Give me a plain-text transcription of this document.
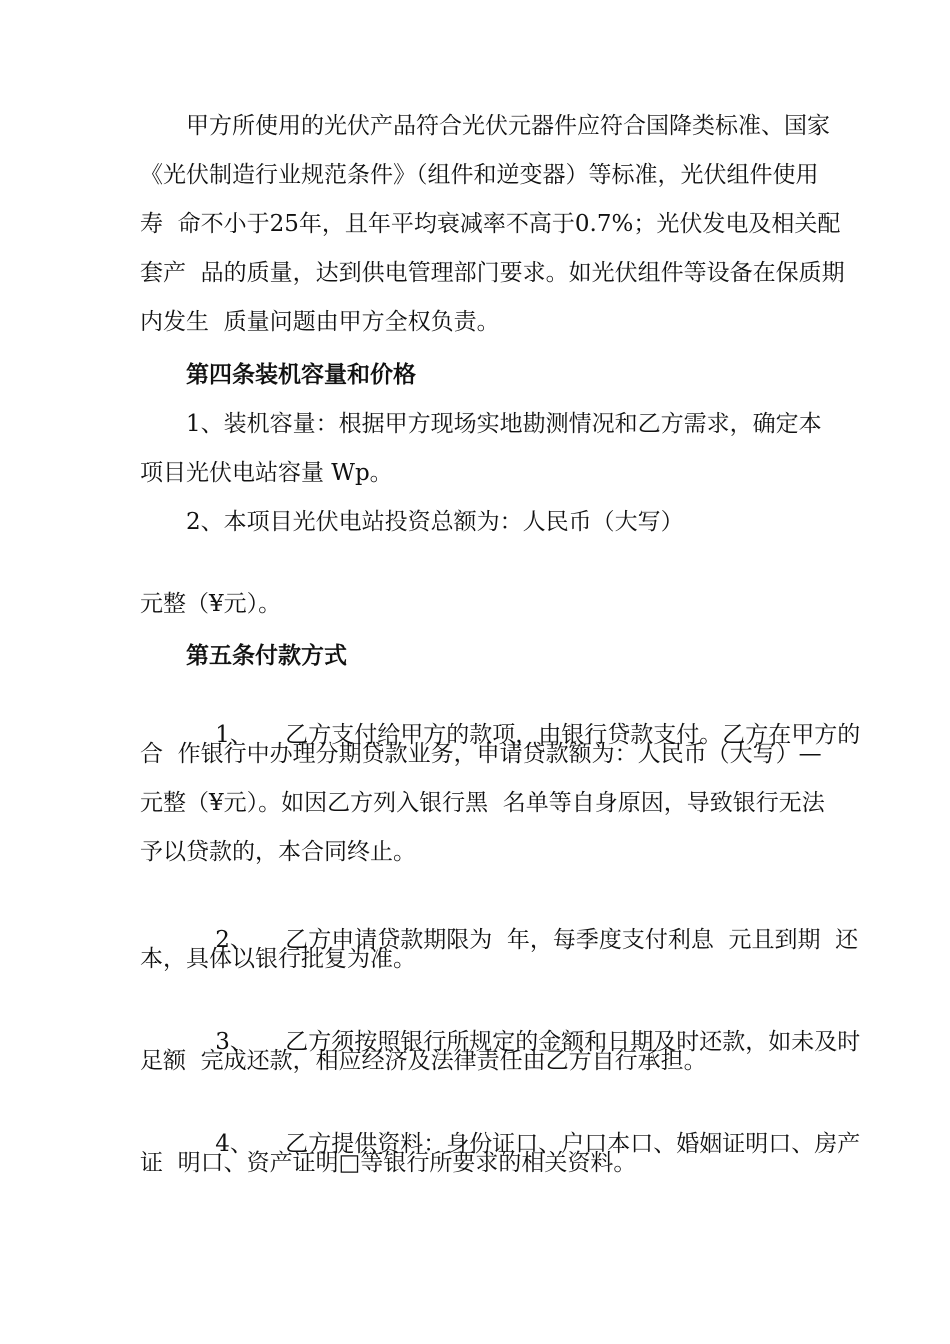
甲方所使用的光伏产品符合光伏元器件应符合国降类标准、国家
《光伏制造行业规范条件》（组件和逆变器）等标准，光伏组件使用
寿  命不小于25年，且年平均衰减率不高于0.7%；光伏发电及相关配
套产  品的质量，达到供电管理部门要求。如光伏组件等设备在保质期
内发生  质量问题由甲方全权负责。
第四条装机容量和价格
1、装机容量：根据甲方现场实地勘测情况和乙方需求，确定本
项目光伏电站容量 Wp。
2、本项目光伏电站投资总额为：人民币（大写）
元整（¥元）。
第五条付款方式

1、 乙方支付给甲方的款项，由银行贷款支付。乙方在甲方的

合  作银行中办理分期贷款业务，申请贷款额为：人民币（大写）—
元整（¥元）。如因乙方列入银行黑  名单等自身原因，导致银行无法
予以贷款的，本合同终止。

2、 乙方申请贷款期限为  年，每季度支付利息  元且到期  还

本，具体以银行批复为准。

3、 乙方须按照银行所规定的金额和日期及时还款，如未及时

足额  完成还款，相应经济及法律责任由乙方自行承担。

4、 乙方提供资料：身份证口、户口本口、婚姻证明口、房产

证  明口、资产证明□等银行所要求的相关资料。
